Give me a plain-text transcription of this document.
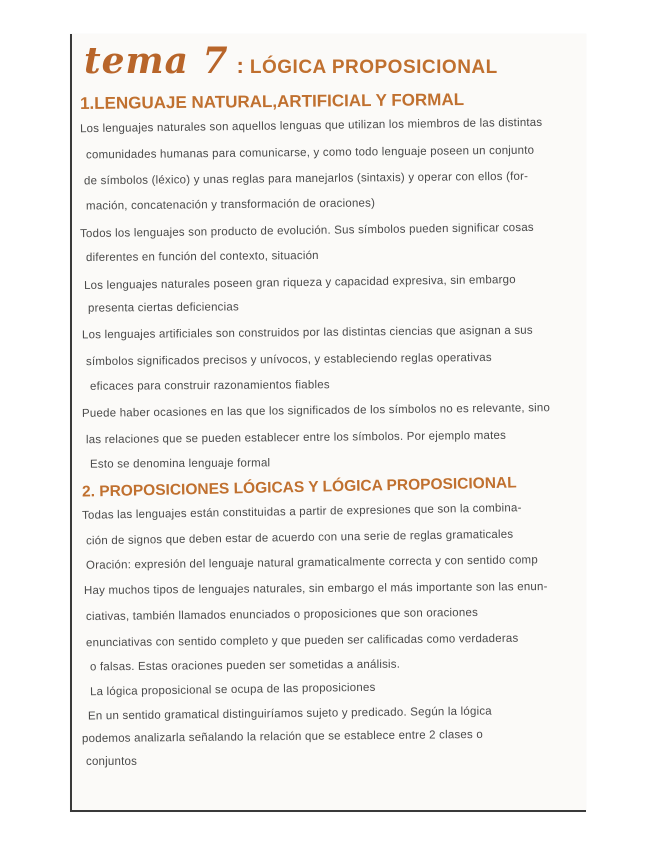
tema 7 : LÓGICA PROPOSICIONAL
1.LENGUAJE NATURAL,ARTIFICIAL Y FORMAL
Los lenguajes naturales son aquellos lenguas que utilizan los miembros de las distintas
comunidades humanas para comunicarse, y como todo lenguaje poseen un conjunto
de símbolos (léxico) y unas reglas para manejarlos (sintaxis) y operar con ellos (for-
mación, concatenación y transformación de oraciones)
Todos los lenguajes son producto de evolución. Sus símbolos pueden significar cosas
diferentes en función del contexto, situación
Los lenguajes naturales poseen gran riqueza y capacidad expresiva, sin embargo
presenta ciertas deficiencias
Los lenguajes artificiales son construidos por las distintas ciencias que asignan a sus
símbolos significados precisos y unívocos, y estableciendo reglas operativas
eficaces para construir razonamientos fiables
Puede haber ocasiones en las que los significados de los símbolos no es relevante, sino
las relaciones que se pueden establecer entre los símbolos. Por ejemplo mates
Esto se denomina lenguaje formal
2. PROPOSICIONES LÓGICAS Y LÓGICA PROPOSICIONAL
Todas las lenguajes están constituidas a partir de expresiones que son la combina-
ción de signos que deben estar de acuerdo con una serie de reglas gramaticales
Oración: expresión del lenguaje natural gramaticalmente correcta y con sentido comp
Hay muchos tipos de lenguajes naturales, sin embargo el más importante son las enun-
ciativas, también llamados enunciados o proposiciones que son oraciones
enunciativas con sentido completo y que pueden ser calificadas como verdaderas
o falsas. Estas oraciones pueden ser sometidas a análisis.
La lógica proposicional se ocupa de las proposiciones
En un sentido gramatical distinguiríamos sujeto y predicado. Según la lógica
podemos analizarla señalando la relación que se establece entre 2 clases o
conjuntos
